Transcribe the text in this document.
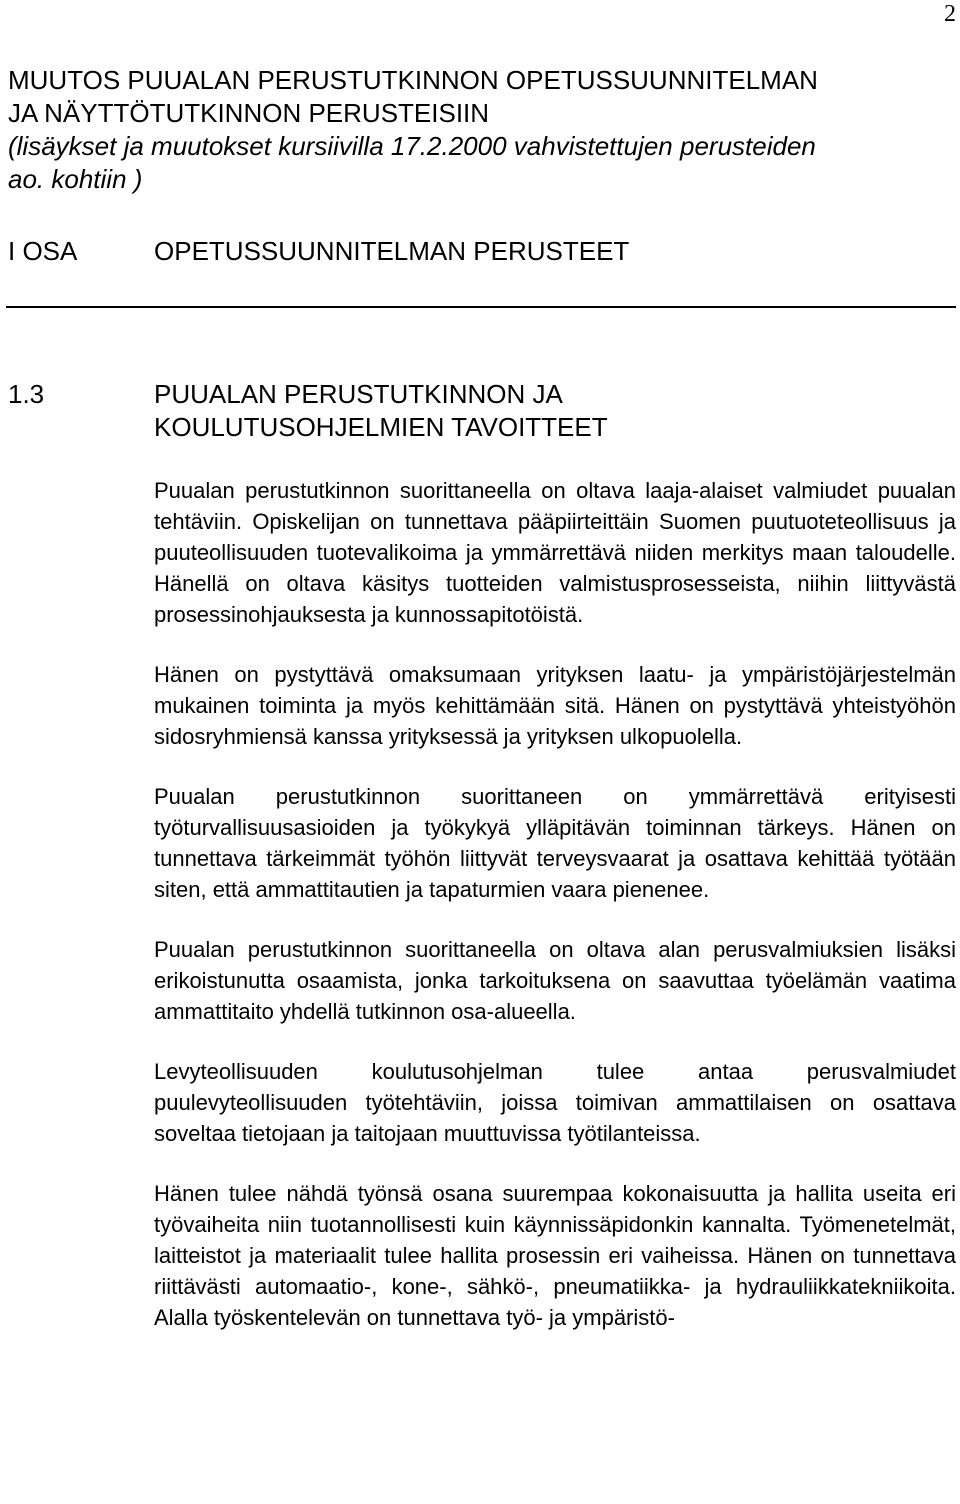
2
MUUTOS PUUALAN PERUSTUTKINNON OPETUSSUUNNITELMAN
JA NÄYTTÖTUTKINNON PERUSTEISIIN
(lisäykset ja muutokset kursiivilla 17.2.2000 vahvistettujen perusteiden
ao. kohtiin )
I OSA	OPETUSSUUNNITELMAN PERUSTEET
1.3	PUUALAN PERUSTUTKINNON JA
KOULUTUSOHJELMIEN TAVOITTEET

Puualan perustutkinnon suorittaneella on oltava laaja-alaiset valmiudet puualan tehtäviin. Opiskelijan on tunnettava pääpiirteittäin Suomen puutuoteteollisuus ja puuteollisuuden tuotevalikoima ja ymmärrettävä niiden merkitys maan taloudelle. Hänellä on oltava käsitys tuotteiden valmistusprosesseista, niihin liittyvästä prosessinohjauksesta ja kunnossapitotöistä.

Hänen on pystyttävä omaksumaan yrityksen laatu- ja ympäristöjärjestelmän mukainen toiminta ja myös kehittämään sitä. Hänen on pystyttävä yhteistyöhön sidosryhmiensä kanssa yrityksessä ja yrityksen ulkopuolella.

Puualan perustutkinnon suorittaneen on ymmärrettävä erityisesti työturvallisuusasioiden ja työkykyä ylläpitävän toiminnan tärkeys. Hänen on tunnettava tärkeimmät työhön liittyvät terveysvaarat ja osattava kehittää työtään siten, että ammattitautien ja tapaturmien vaara pienenee.

Puualan perustutkinnon suorittaneella on oltava alan perusvalmiuksien lisäksi erikoistunutta osaamista, jonka tarkoituksena on saavuttaa työelämän vaatima ammattitaito yhdellä tutkinnon osa-alueella.

Levyteollisuuden koulutusohjelman tulee antaa perusvalmiudet puulevyteollisuuden työtehtäviin, joissa toimivan ammattilaisen on osattava soveltaa tietojaan ja taitojaan muuttuvissa työtilanteissa.

Hänen tulee nähdä työnsä osana suurempaa kokonaisuutta ja hallita useita eri työvaiheita niin tuotannollisesti kuin käynnissäpidonkin kannalta. Työmenetelmät, laitteistot ja materiaalit tulee hallita prosessin eri vaiheissa. Hänen on tunnettava riittävästi automaatio-, kone-, sähkö-, pneumatiikka- ja hydrauliikkatekniikoita. Alalla työskentelevän on tunnettava työ- ja ympäristö-
